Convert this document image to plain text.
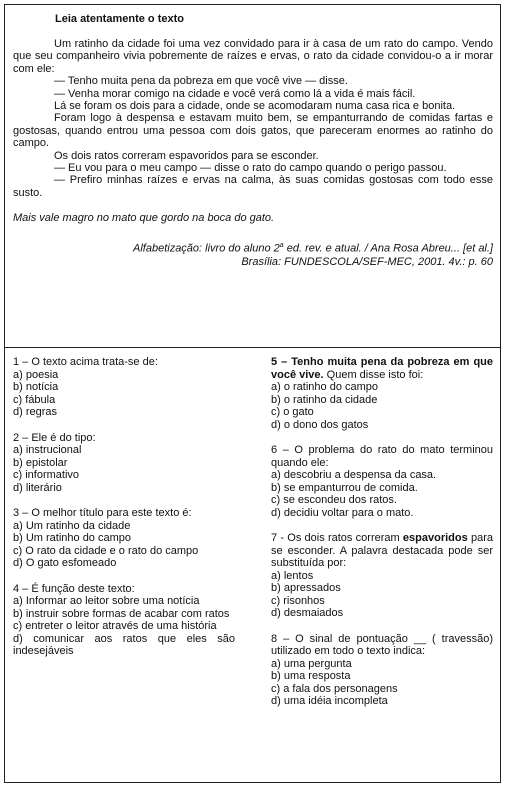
Leia atentamente o texto

Um ratinho da cidade foi uma vez convidado para ir à casa de um rato do campo. Vendo que seu companheiro vivia pobremente de raízes e ervas, o rato da cidade convidou-o a ir morar com ele:

— Tenho muita pena da pobreza em que você vive — disse.

— Venha morar comigo na cidade e você verá como lá a vida é mais fácil.

Lá se foram os dois para a cidade, onde se acomodaram numa casa rica e bonita.

Foram logo à despensa e estavam muito bem, se empanturrando de comidas fartas e gostosas, quando entrou uma pessoa com dois gatos, que pareceram enormes ao ratinho do campo.

Os dois ratos correram espavoridos para se esconder.

— Eu vou para o meu campo — disse o rato do campo quando o perigo passou.

— Prefiro minhas raízes e ervas na calma, às suas comidas gostosas com todo esse susto.

Mais vale magro no mato que gordo na boca do gato.
Alfabetização: livro do aluno 2$^a$ ed. rev. e atual. / Ana Rosa Abreu... [et al.]
Brasília: FUNDESCOLA/SEF-MEC, 2001. 4v.: p. 60
1 – O texto acima trata-se de:
a) poesia
b) notícia
c) fábula
d) regras
2 – Ele é do tipo:
a) instrucional
b) epistolar
c) informativo
d) literário
3 – O melhor título para este texto é:
a) Um ratinho da cidade
b) Um ratinho do campo
c) O rato da cidade e o rato do campo
d) O gato esfomeado
4 – É função deste texto:
a) Informar ao leitor sobre uma notícia
b) instruir sobre formas de acabar com ratos
c) entreter o leitor através de uma história
d) comunicar aos ratos que eles são indesejáveis
5 – Tenho muita pena da pobreza em que você vive. Quem disse isto foi:
a) o ratinho do campo
b) o ratinho da cidade
c) o gato
d) o dono dos gatos
6 – O problema do rato do mato terminou quando ele:
a) descobriu a despensa da casa.
b) se empanturrou de comida.
c) se escondeu dos ratos.
d) decidiu voltar para o mato.
7 - Os dois ratos correram espavoridos para se esconder. A palavra destacada pode ser substituída por:
a) lentos
b) apressados
c) risonhos
d) desmaiados
8 – O sinal de pontuação __ ( travessão) utilizado em todo o texto indica:
a) uma pergunta
b) uma resposta
c) a fala dos personagens
d) uma idéia incompleta
